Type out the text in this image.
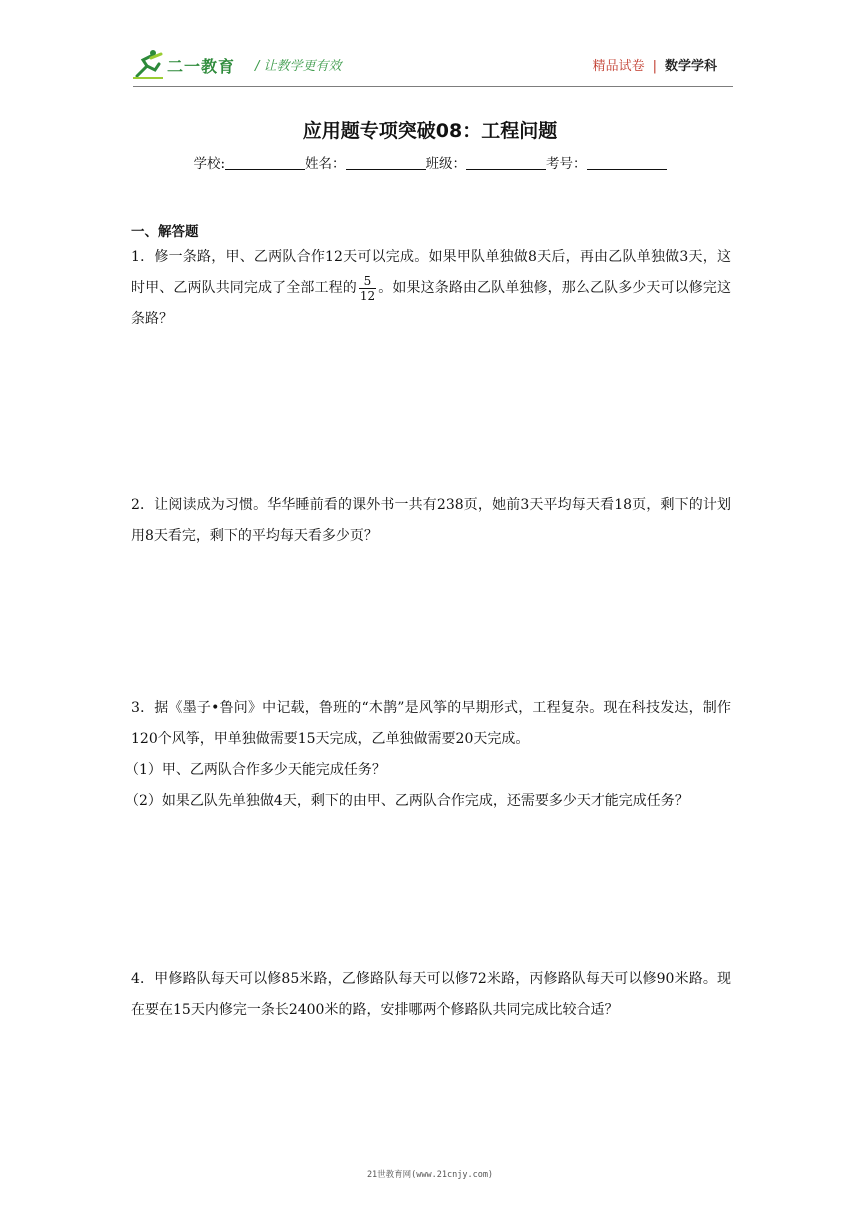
二一教育 / 让教学更有效	精品试卷 | 数学学科
应用题专项突破08：工程问题
学校:	姓名：	班级：	考号：
一、解答题
1．修一条路，甲、乙两队合作12天可以完成。如果甲队单独做8天后，再由乙队单独做3天，这时甲、乙两队共同完成了全部工程的 $\frac{5}{12}$ 。如果这条路由乙队单独修，那么乙队多少天可以修完这条路？
2．让阅读成为习惯。华华睡前看的课外书一共有238页，她前3天平均每天看18页，剩下的计划用8天看完，剩下的平均每天看多少页？
3．据《墨子•鲁问》中记载，鲁班的“木鹊”是风筝的早期形式，工程复杂。现在科技发达，制作120个风筝，甲单独做需要15天完成，乙单独做需要20天完成。
（1）甲、乙两队合作多少天能完成任务？
（2）如果乙队先单独做4天，剩下的由甲、乙两队合作完成，还需要多少天才能完成任务？
4．甲修路队每天可以修85米路，乙修路队每天可以修72米路，丙修路队每天可以修90米路。现在要在15天内修完一条长2400米的路，安排哪两个修路队共同完成比较合适？
21世教育网(www.21cnjy.com)
